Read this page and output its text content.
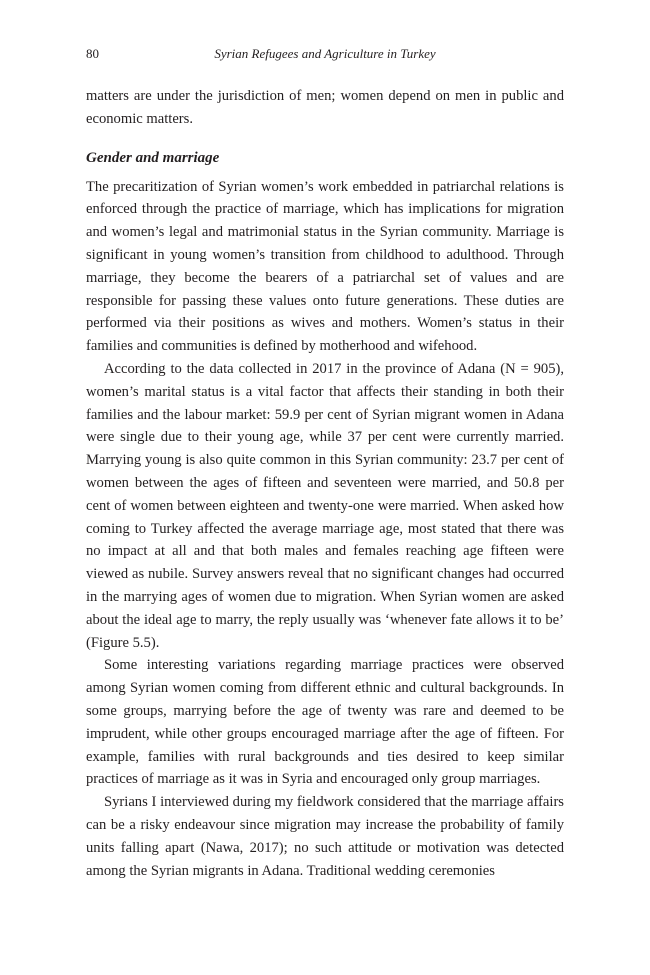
80	Syrian Refugees and Agriculture in Turkey

matters are under the jurisdiction of men; women depend on men in public and economic matters.

Gender and marriage

The precaritization of Syrian women’s work embedded in patriarchal relations is enforced through the practice of marriage, which has implications for migration and women’s legal and matrimonial status in the Syrian community. Marriage is significant in young women’s transition from childhood to adulthood. Through marriage, they become the bearers of a patriarchal set of values and are responsible for passing these values onto future generations. These duties are performed via their positions as wives and mothers. Women’s status in their families and communities is defined by motherhood and wifehood.

According to the data collected in 2017 in the province of Adana (N = 905), women’s marital status is a vital factor that affects their standing in both their families and the labour market: 59.9 per cent of Syrian migrant women in Adana were single due to their young age, while 37 per cent were currently married. Marrying young is also quite common in this Syrian community: 23.7 per cent of women between the ages of fifteen and seventeen were married, and 50.8 per cent of women between eighteen and twenty-one were married. When asked how coming to Turkey affected the average marriage age, most stated that there was no impact at all and that both males and females reaching age fifteen were viewed as nubile. Survey answers reveal that no significant changes had occurred in the marrying ages of women due to migration. When Syrian women are asked about the ideal age to marry, the reply usually was ‘whenever fate allows it to be’ (Figure 5.5).

Some interesting variations regarding marriage practices were observed among Syrian women coming from different ethnic and cultural backgrounds. In some groups, marrying before the age of twenty was rare and deemed to be imprudent, while other groups encouraged marriage after the age of fifteen. For example, families with rural backgrounds and ties desired to keep similar practices of marriage as it was in Syria and encouraged only group marriages.

Syrians I interviewed during my fieldwork considered that the marriage affairs can be a risky endeavour since migration may increase the probability of family units falling apart (Nawa, 2017); no such attitude or motivation was detected among the Syrian migrants in Adana. Traditional wedding ceremonies
